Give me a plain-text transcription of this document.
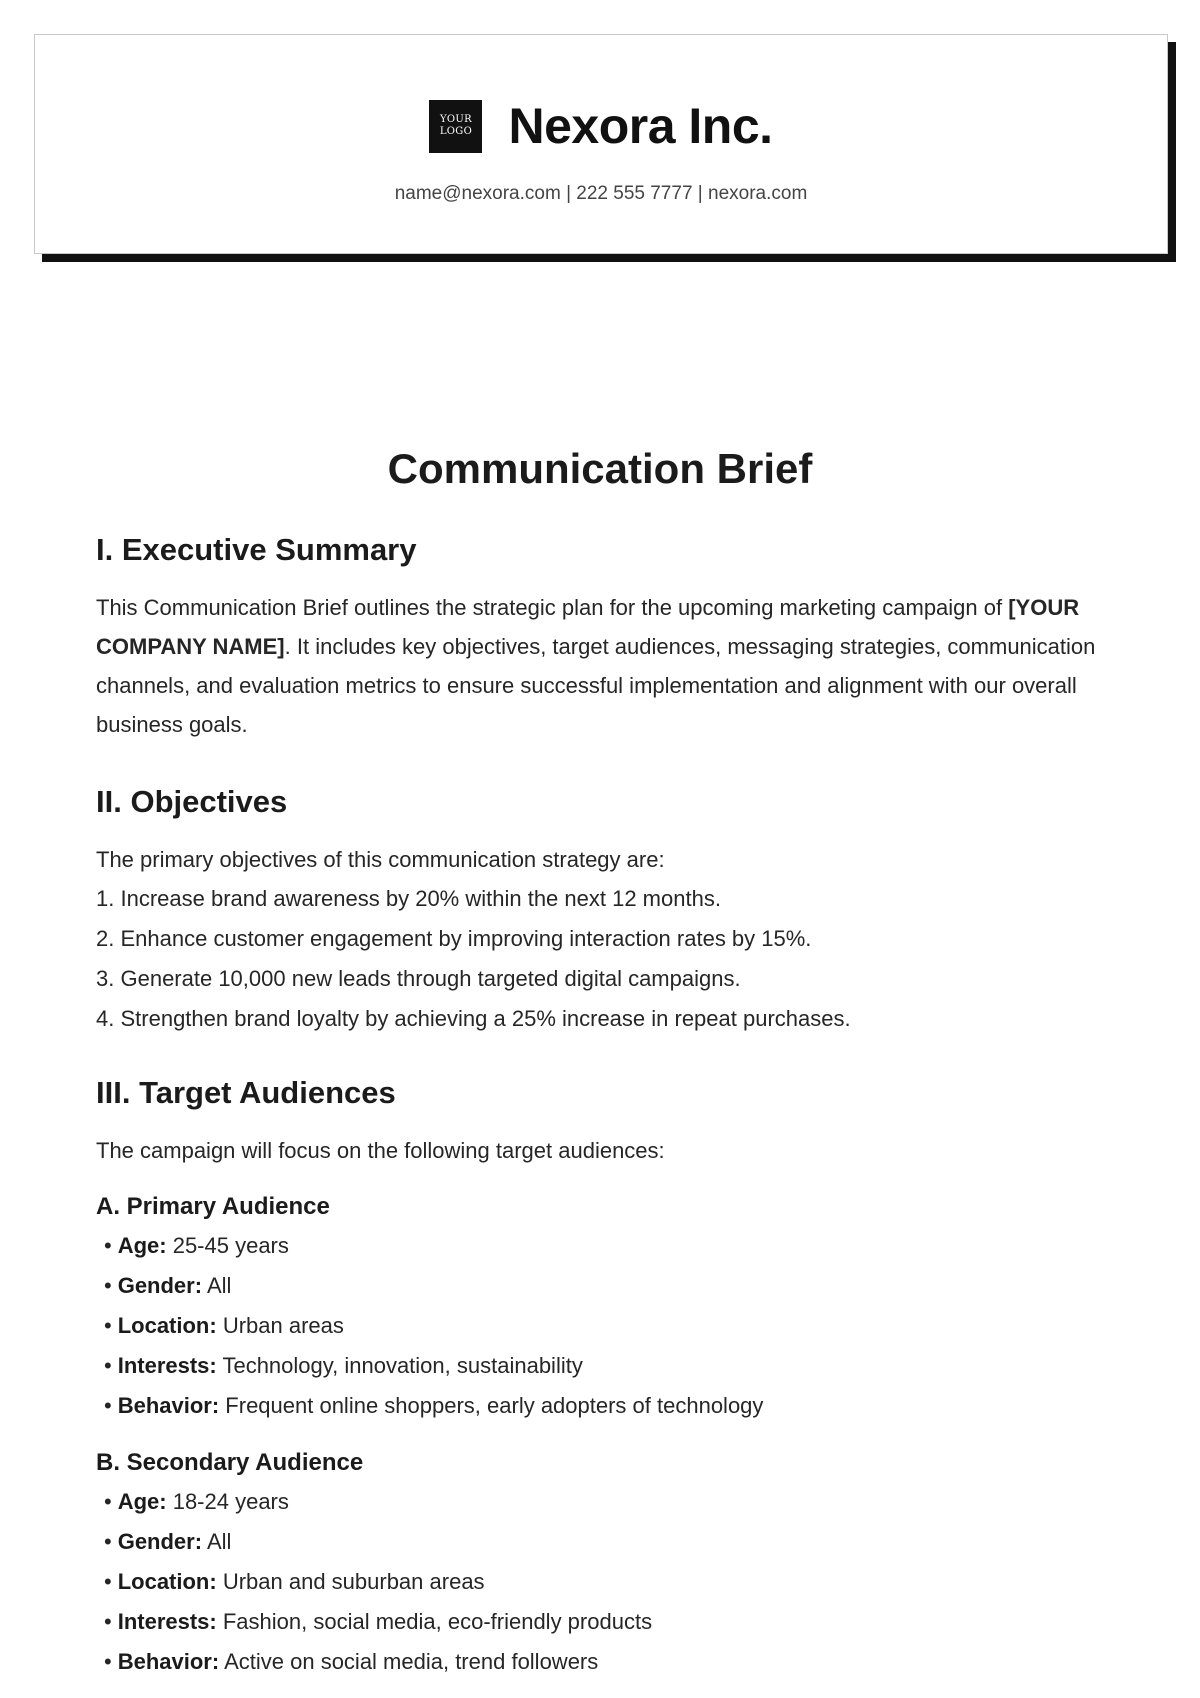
YOUR
LOGO Nexora Inc.
name@nexora.com | 222 555 7777 | nexora.com
Communication Brief
I. Executive Summary

This Communication Brief outlines the strategic plan for the upcoming marketing campaign of [YOUR COMPANY NAME]. It includes key objectives, target audiences, messaging strategies, communication channels, and evaluation metrics to ensure successful implementation and alignment with our overall business goals.

II. Objectives

The primary objectives of this communication strategy are:

1. Increase brand awareness by 20% within the next 12 months.
2. Enhance customer engagement by improving interaction rates by 15%.
3. Generate 10,000 new leads through targeted digital campaigns.
4. Strengthen brand loyalty by achieving a 25% increase in repeat purchases.
III. Target Audiences

The campaign will focus on the following target audiences:

A. Primary Audience
• Age: 25-45 years
• Gender: All
• Location: Urban areas
• Interests: Technology, innovation, sustainability
• Behavior: Frequent online shoppers, early adopters of technology
B. Secondary Audience
• Age: 18-24 years
• Gender: All
• Location: Urban and suburban areas
• Interests: Fashion, social media, eco-friendly products
• Behavior: Active on social media, trend followers
